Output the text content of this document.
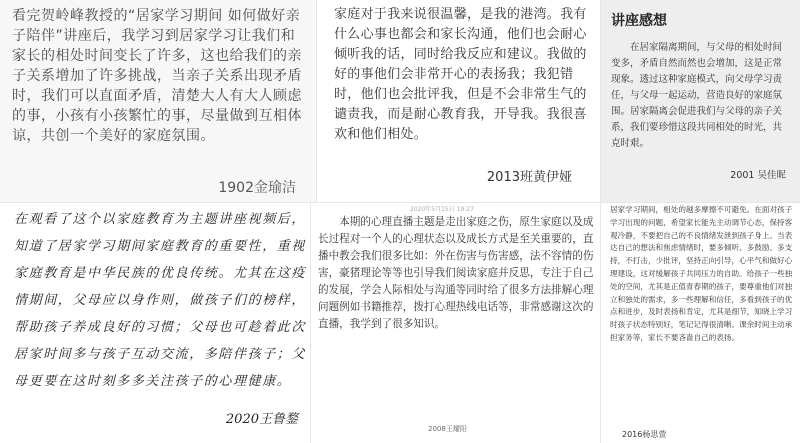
看完贺岭峰教授的“居家学习期间 如何做好亲子陪伴”讲座后，我学习到居家学习让我们和家长的相处时间变长了许多，这也给我们的亲子关系增加了许多挑战，当亲子关系出现矛盾时，我们可以直面矛盾，清楚大人有大人顾虑的事，小孩有小孩繁忙的事，尽量做到互相体谅，共创一个美好的家庭氛围。

1902金瑜洁

家庭对于我来说很温馨，是我的港湾。我有什么心事也都会和家长沟通，他们也会耐心倾听我的话，同时给我反应和建议。我做的好的事他们会非常开心的表扬我；我犯错时，他们也会批评我，但是不会非常生气的谴责我，而是耐心教育我，开导我。我很喜欢和他们相处。

2013班黄伊娅

讲座感想

在居家隔离期间，与父母的相处时间变多，矛盾自然而然也会增加，这是正常现象。透过这种家庭模式，向父母学习责任，与父母一起运动，营造良好的家庭氛围。居家隔离会促进我们与父母的亲子关系，我们要珍惜这段共同相处的时光，共克时艰。

2001 吴佳昵

在观看了这个以家庭教育为主题讲座视频后，知道了居家学习期间家庭教育的重要性，重视家庭教育是中华民族的优良传统。尤其在这疫情期间，父母应以身作则，做孩子们的榜样，帮助孩子养成良好的习惯；父母也可趁着此次居家时间多与孩子互动交流，多陪伴孩子；父母更要在这时刻多多关注孩子的心理健康。

2020王鲁鍪

2020年5月15日 19:27

本期的心理直播主题是走出家庭之伤，原生家庭以及成长过程对一个人的心理状态以及成长方式是至关重要的，直播中教会我们很多比如：外在伤害与伤害感，法不容情的伤害，豪猪理论等等也引导我们阅读家庭并反思，专注于自己的发展，学会人际相处与沟通等同时给了很多方法排解心理问题例如书籍推荐，拨打心理热线电话等，非常感谢这次的直播，我学到了很多知识。

2008王耀阳

居家学习期间，相处的越多摩擦不可避免。在面对孩子学习出现的问题，希望家长能先主动调节心态，保持客观冷静，不要把自己的不良情绪发泄到孩子身上。当表达自己的想法和焦虑情绪时，要多倾听、多鼓励、多支持，不打击，少批评，坚持正向引导，心平气和做好心理建设，这对缓解孩子共同压力的自助。给孩子一些独处的空间，尤其是正值青春期的孩子，要尊重他们对独立和独处的需求，多一些理解和信任，多看到孩子的优点和进步，及时表扬和肯定，尤其是细节，知晓上学习时孩子状态特别好，笔记记得很清晰。课余时间主动承担家务等，家长不要吝啬自己的表扬。

2016杨思萱
